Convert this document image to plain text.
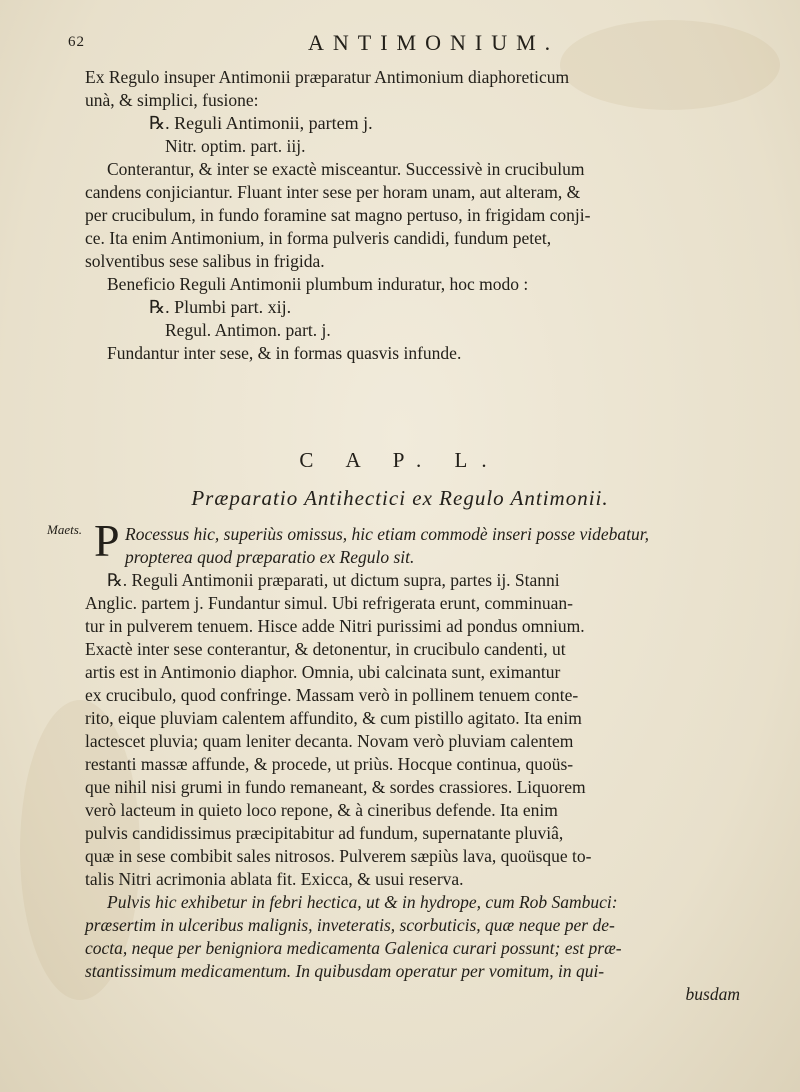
62	ANTIMONIUM.
Ex Regulo insuper Antimonii præparatur Antimonium diaphoreticum
unà, & simplici, fusione:
℞. Reguli Antimonii, partem j.
Nitr. optim. part. iij.
Conterantur, & inter se exactè misceantur. Successivè in crucibulum
candens conjiciantur. Fluant inter sese per horam unam, aut alteram, &
per crucibulum, in fundo foramine sat magno pertuso, in frigidam conji-
ce. Ita enim Antimonium, in forma pulveris candidi, fundum petet,
solventibus sese salibus in frigida.
Beneficio Reguli Antimonii plumbum induratur, hoc modo :
℞. Plumbi part. xij.
Regul. Antimon. part. j.
Fundantur inter sese, & in formas quasvis infunde.
C A P. L.
Præparatio Antihectici ex Regulo Antimonii.
Maets. P Rocessus hic, superiùs omissus, hic etiam commodè inseri posse videbatur,
propterea quod præparatio ex Regulo sit.
℞. Reguli Antimonii præparati, ut dictum supra, partes ij. Stanni
Anglic. partem j. Fundantur simul. Ubi refrigerata erunt, comminuan-
tur in pulverem tenuem. Hisce adde Nitri purissimi ad pondus omnium.
Exactè inter sese conterantur, & detonentur, in crucibulo candenti, ut
artis est in Antimonio diaphor. Omnia, ubi calcinata sunt, eximantur
ex crucibulo, quod confringe. Massam verò in pollinem tenuem conte-
rito, eique pluviam calentem affundito, & cum pistillo agitato. Ita enim
lactescet pluvia; quam leniter decanta. Novam verò pluviam calentem
restanti massæ affunde, & procede, ut priùs. Hocque continua, quoüs-
que nihil nisi grumi in fundo remaneant, & sordes crassiores. Liquorem
verò lacteum in quieto loco repone, & à cineribus defende. Ita enim
pulvis candidissimus præcipitabitur ad fundum, supernatante pluviâ,
quæ in sese combibit sales nitrosos. Pulverem sæpiùs lava, quoüsque to-
talis Nitri acrimonia ablata fit. Exicca, & usui reserva.
Pulvis hic exhibetur in febri hectica, ut & in hydrope, cum Rob Sambuci:
præsertim in ulceribus malignis, inveteratis, scorbuticis, quæ neque per de-
cocta, neque per benigniora medicamenta Galenica curari possunt; est præ-
stantissimum medicamentum. In quibusdam operatur per vomitum, in qui-
busdam
